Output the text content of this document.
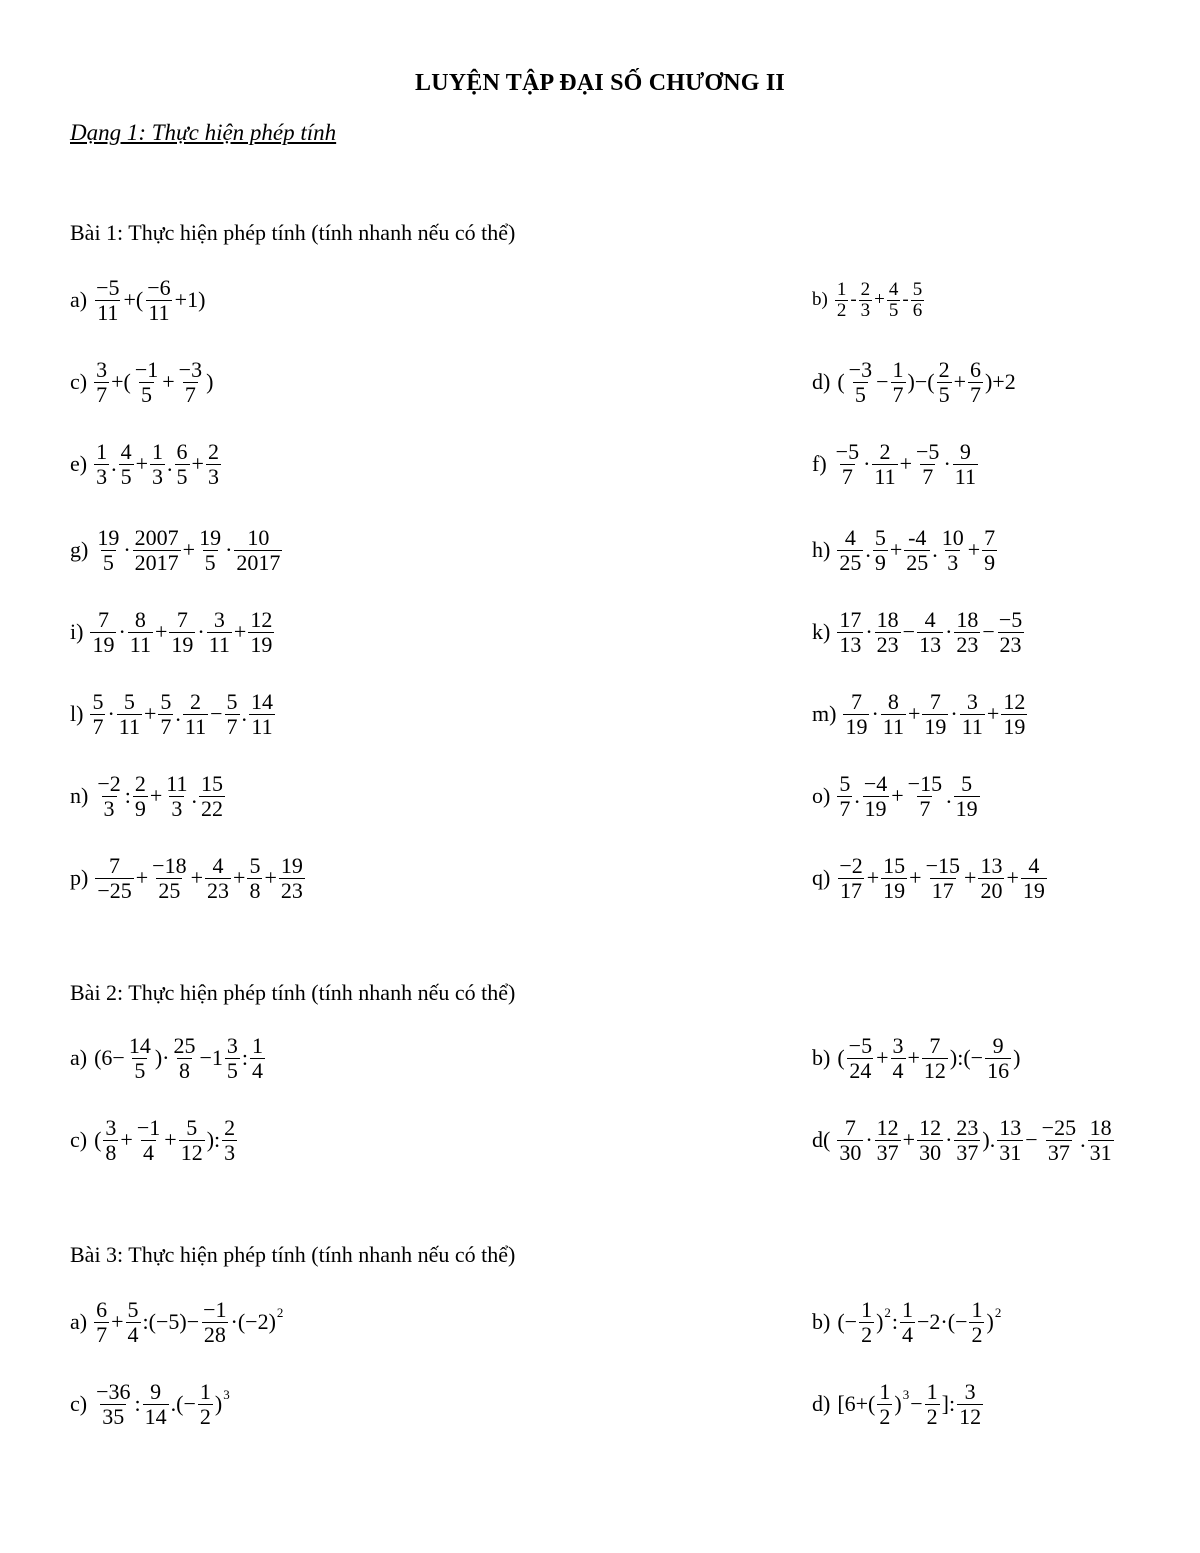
LUYỆN TẬP ĐẠI SỐ CHƯƠNG II
Dạng 1: Thực hiện phép tính
Bài 1: Thực hiện phép tính (tính nhanh nếu có thể)
Bài 2: Thực hiện phép tính (tính nhanh nếu có thể)
Bài 3: Thực hiện phép tính (tính nhanh nếu có thể)
$a) \frac{-5}{11}$ +( $\frac{-6}{11} +1$)	$b) \frac{1}{2} - \frac{2}{3} + \frac{4}{5} - \frac{5}{6}$
$c) \frac{3}{7}$ +( $\frac{-1}{5} + \frac{-3}{7}$ )	d) ( $\frac{-3}{5} - \frac{1}{7}$ )−( $\frac{2}{5} + \frac{6}{7} )+2$
$e) \frac{1}{3}$ . $\frac{4}{5} + \frac{1}{3}$ . $\frac{6}{5} + \frac{2}{3}$	$f) \frac{-5}{7} \cdot \frac{2}{11} + \frac{-5}{7} \cdot \frac{9}{11}$
$g) \frac{19}{5} \cdot \frac{2007}{2017} + \frac{19}{5} \cdot \frac{10}{2017}$	$h) \frac{4}{25}$ . $\frac{5}{9} + \frac{-4}{25}$ . $\frac{10}{3} + \frac{7}{9}$
$i) \frac{7}{19} \cdot \frac{8}{11} + \frac{7}{19} \cdot \frac{3}{11} + \frac{12}{19}$	$k) \frac{17}{13} \cdot \frac{18}{23} - \frac{4}{13} \cdot \frac{18}{23} - \frac{-5}{23}$
$l) \frac{5}{7} \cdot \frac{5}{11} + \frac{5}{7}$ . $\frac{2}{11} - \frac{5}{7}$ . $\frac{14}{11}$	$m) \frac{7}{19} \cdot \frac{8}{11} + \frac{7}{19} \cdot \frac{3}{11} + \frac{12}{19}$
$n) \frac{-2}{3}$ : $\frac{2}{9} + \frac{11}{3}$ . $\frac{15}{22}$	$o) \frac{5}{7}$ . $\frac{-4}{19} + \frac{-15}{7}$ . $\frac{5}{19}$
$p) \frac{7}{-25} + \frac{-18}{25} + \frac{4}{23} + \frac{5}{8} + \frac{19}{23}$	$q) \frac{-2}{17} + \frac{15}{19} + \frac{-15}{17} + \frac{13}{20} + \frac{4}{19}$
a) ($6- \frac{14}{5}$ )· $\frac{25}{8} -1 \frac{3}{5}$ : $\frac{1}{4}$	b) ( $\frac{-5}{24} + \frac{3}{4} + \frac{7}{12}$ ):(− $\frac{9}{16}$ )
c) ( $\frac{3}{8} + \frac{-1}{4} + \frac{5}{12}$ ): $\frac{2}{3}$	$d( \frac{7}{30} \cdot \frac{12}{37} + \frac{12}{30} \cdot \frac{23}{37}$ ). $\frac{13}{31} - \frac{-25}{37}$ . $\frac{18}{31}$
$a) \frac{6}{7} + \frac{5}{4}$ :(−5)− $\frac{-1}{28} \cdot(-2)$ 2	b) (− $\frac{1}{2}$ ) 2 : $\frac{1}{4} -2\cdot(- \frac{1}{2}$ ) 2
$c) \frac{-36}{35}$ : $\frac{9}{14}$ .(− $\frac{1}{2}$ ) 3	d) [$6+( \frac{1}{2}$ ) $3 - \frac{1}{2}$ ]: $\frac{3}{12}$
